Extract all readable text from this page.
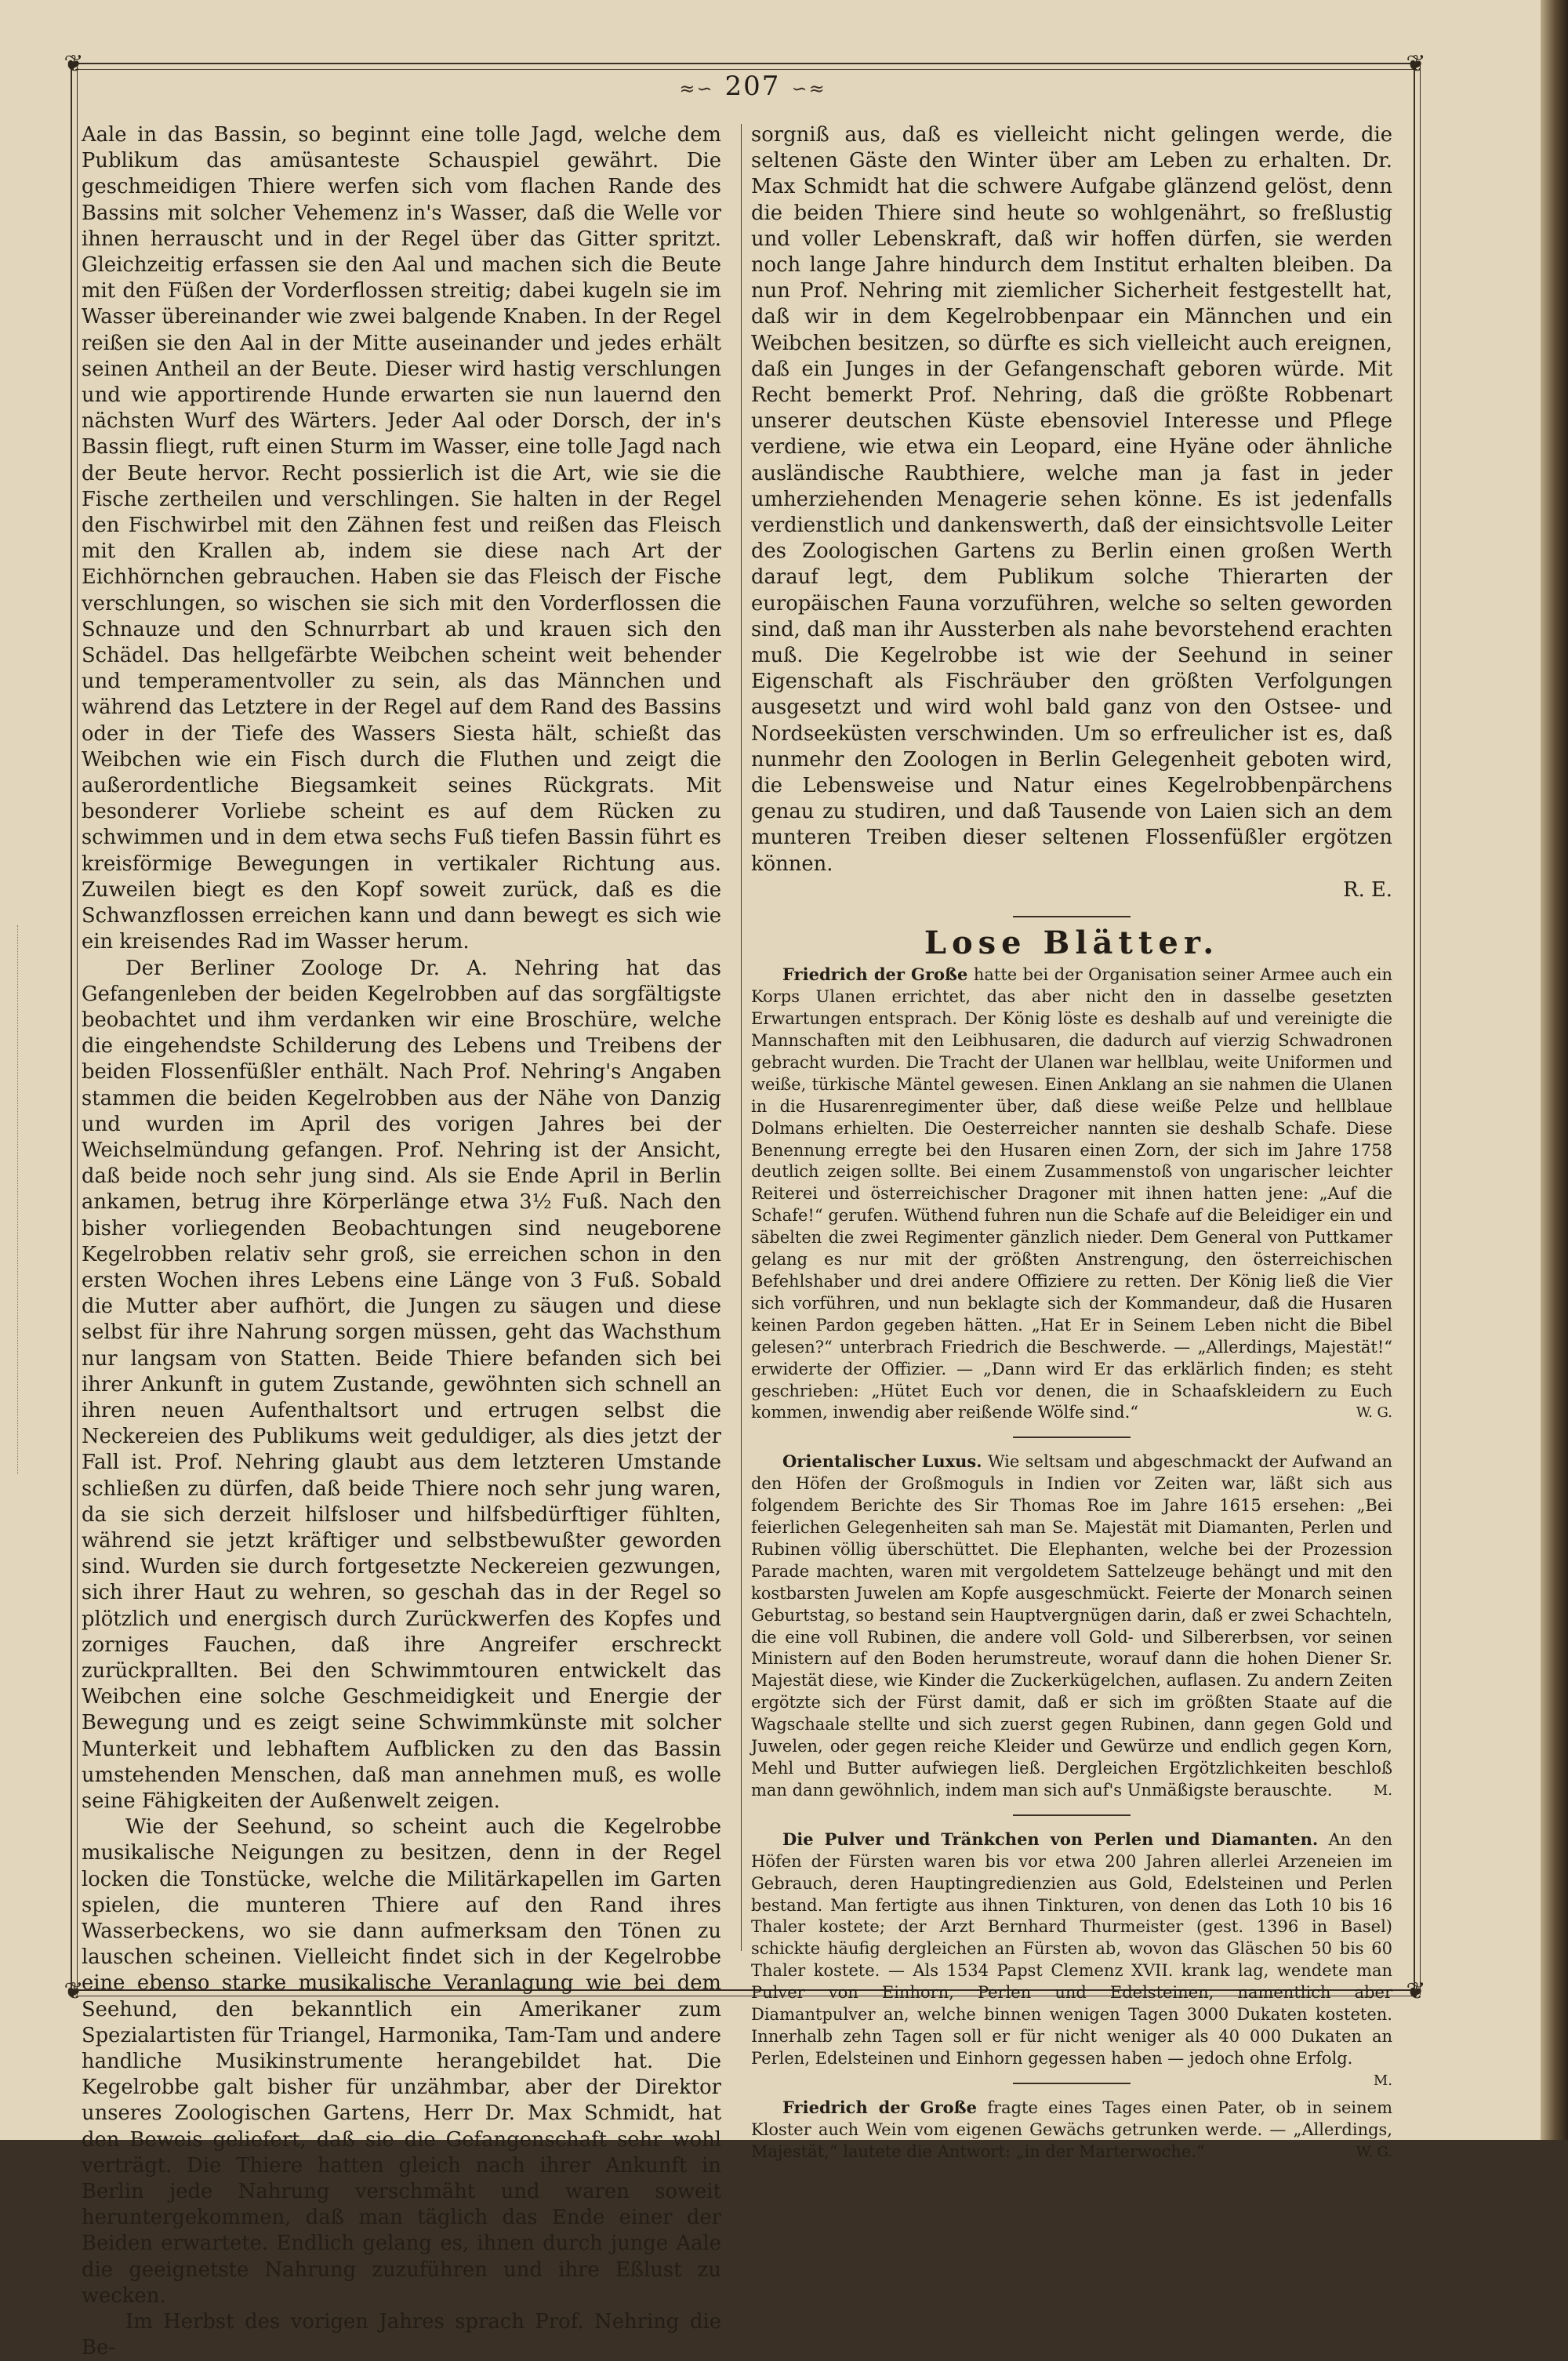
❦	❦
❦	❦
≈∽ 207 ∽≈

Aale in das Bassin, so beginnt eine tolle Jagd, welche dem Publikum das amüsanteste Schauspiel gewährt. Die geschmeidigen Thiere werfen sich vom flachen Rande des Bassins mit solcher Vehemenz in's Wasser, daß die Welle vor ihnen herrauscht und in der Regel über das Gitter spritzt. Gleichzeitig erfassen sie den Aal und machen sich die Beute mit den Füßen der Vorderflossen streitig; dabei kugeln sie im Wasser übereinander wie zwei balgende Knaben. In der Regel reißen sie den Aal in der Mitte auseinander und jedes erhält seinen Antheil an der Beute. Dieser wird hastig verschlungen und wie apportirende Hunde erwarten sie nun lauernd den nächsten Wurf des Wärters. Jeder Aal oder Dorsch, der in's Bassin fliegt, ruft einen Sturm im Wasser, eine tolle Jagd nach der Beute hervor. Recht possierlich ist die Art, wie sie die Fische zertheilen und verschlingen. Sie halten in der Regel den Fischwirbel mit den Zähnen fest und reißen das Fleisch mit den Krallen ab, indem sie diese nach Art der Eichhörnchen gebrauchen. Haben sie das Fleisch der Fische verschlungen, so wischen sie sich mit den Vorderflossen die Schnauze und den Schnurrbart ab und krauen sich den Schädel. Das hellgefärbte Weibchen scheint weit behender und temperamentvoller zu sein, als das Männchen und während das Letztere in der Regel auf dem Rand des Bassins oder in der Tiefe des Wassers Siesta hält, schießt das Weibchen wie ein Fisch durch die Fluthen und zeigt die außerordentliche Biegsamkeit seines Rückgrats. Mit besonderer Vorliebe scheint es auf dem Rücken zu schwimmen und in dem etwa sechs Fuß tiefen Bassin führt es kreisförmige Bewegungen in vertikaler Richtung aus. Zuweilen biegt es den Kopf soweit zurück, daß es die Schwanzflossen erreichen kann und dann bewegt es sich wie ein kreisendes Rad im Wasser herum.

Der Berliner Zoologe Dr. A. Nehring hat das Gefangenleben der beiden Kegelrobben auf das sorgfältigste beobachtet und ihm verdanken wir eine Broschüre, welche die eingehendste Schilderung des Lebens und Treibens der beiden Flossenfüßler enthält. Nach Prof. Nehring's Angaben stammen die beiden Kegelrobben aus der Nähe von Danzig und wurden im April des vorigen Jahres bei der Weichselmündung gefangen. Prof. Nehring ist der Ansicht, daß beide noch sehr jung sind. Als sie Ende April in Berlin ankamen, betrug ihre Körperlänge etwa 3½ Fuß. Nach den bisher vorliegenden Beobachtungen sind neugeborene Kegelrobben relativ sehr groß, sie erreichen schon in den ersten Wochen ihres Lebens eine Länge von 3 Fuß. Sobald die Mutter aber aufhört, die Jungen zu säugen und diese selbst für ihre Nahrung sorgen müssen, geht das Wachsthum nur langsam von Statten. Beide Thiere befanden sich bei ihrer Ankunft in gutem Zustande, gewöhnten sich schnell an ihren neuen Aufenthaltsort und ertrugen selbst die Neckereien des Publikums weit geduldiger, als dies jetzt der Fall ist. Prof. Nehring glaubt aus dem letzteren Umstande schließen zu dürfen, daß beide Thiere noch sehr jung waren, da sie sich derzeit hilfsloser und hilfsbedürftiger fühlten, während sie jetzt kräftiger und selbstbewußter geworden sind. Wurden sie durch fortgesetzte Neckereien gezwungen, sich ihrer Haut zu wehren, so geschah das in der Regel so plötzlich und energisch durch Zurückwerfen des Kopfes und zorniges Fauchen, daß ihre Angreifer erschreckt zurückprallten. Bei den Schwimmtouren entwickelt das Weibchen eine solche Geschmeidigkeit und Energie der Bewegung und es zeigt seine Schwimmkünste mit solcher Munterkeit und lebhaftem Aufblicken zu den das Bassin umstehenden Menschen, daß man annehmen muß, es wolle seine Fähigkeiten der Außenwelt zeigen.

Wie der Seehund, so scheint auch die Kegelrobbe musikalische Neigungen zu besitzen, denn in der Regel locken die Tonstücke, welche die Militärkapellen im Garten spielen, die munteren Thiere auf den Rand ihres Wasserbeckens, wo sie dann aufmerksam den Tönen zu lauschen scheinen. Vielleicht findet sich in der Kegelrobbe eine ebenso starke musikalische Veranlagung wie bei dem Seehund, den bekanntlich ein Amerikaner zum Spezialartisten für Triangel, Harmonika, Tam-Tam und andere handliche Musikinstrumente herangebildet hat. Die Kegelrobbe galt bisher für unzähmbar, aber der Direktor unseres Zoologischen Gartens, Herr Dr. Max Schmidt, hat den Beweis geliefert, daß sie die Gefangenschaft sehr wohl verträgt. Die Thiere hatten gleich nach ihrer Ankunft in Berlin jede Nahrung verschmäht und waren soweit heruntergekommen, daß man täglich das Ende einer der Beiden erwartete. Endlich gelang es, ihnen durch junge Aale die geeignetste Nahrung zuzuführen und ihre Eßlust zu wecken.

Im Herbst des vorigen Jahres sprach Prof. Nehring die Be-

sorgniß aus, daß es vielleicht nicht gelingen werde, die seltenen Gäste den Winter über am Leben zu erhalten. Dr. Max Schmidt hat die schwere Aufgabe glänzend gelöst, denn die beiden Thiere sind heute so wohlgenährt, so freßlustig und voller Lebenskraft, daß wir hoffen dürfen, sie werden noch lange Jahre hindurch dem Institut erhalten bleiben. Da nun Prof. Nehring mit ziemlicher Sicherheit festgestellt hat, daß wir in dem Kegelrobbenpaar ein Männchen und ein Weibchen besitzen, so dürfte es sich vielleicht auch ereignen, daß ein Junges in der Gefangenschaft geboren würde. Mit Recht bemerkt Prof. Nehring, daß die größte Robbenart unserer deutschen Küste ebensoviel Interesse und Pflege verdiene, wie etwa ein Leopard, eine Hyäne oder ähnliche ausländische Raubthiere, welche man ja fast in jeder umherziehenden Menagerie sehen könne. Es ist jedenfalls verdienstlich und dankenswerth, daß der einsichtsvolle Leiter des Zoologischen Gartens zu Berlin einen großen Werth darauf legt, dem Publikum solche Thierarten der europäischen Fauna vorzuführen, welche so selten geworden sind, daß man ihr Aussterben als nahe bevorstehend erachten muß. Die Kegelrobbe ist wie der Seehund in seiner Eigenschaft als Fischräuber den größten Verfolgungen ausgesetzt und wird wohl bald ganz von den Ostsee- und Nordseeküsten verschwinden. Um so erfreulicher ist es, daß nunmehr den Zoologen in Berlin Gelegenheit geboten wird, die Lebensweise und Natur eines Kegelrobbenpärchens genau zu studiren, und daß Tausende von Laien sich an dem munteren Treiben dieser seltenen Flossenfüßler ergötzen können.

R. E.

Lose Blätter.

Friedrich der Große hatte bei der Organisation seiner Armee auch ein Korps Ulanen errichtet, das aber nicht den in dasselbe gesetzten Erwartungen entsprach. Der König löste es deshalb auf und vereinigte die Mannschaften mit den Leibhusaren, die dadurch auf vierzig Schwadronen gebracht wurden. Die Tracht der Ulanen war hellblau, weite Uniformen und weiße, türkische Mäntel gewesen. Einen Anklang an sie nahmen die Ulanen in die Husarenregimenter über, daß diese weiße Pelze und hellblaue Dolmans erhielten. Die Oesterreicher nannten sie deshalb Schafe. Diese Benennung erregte bei den Husaren einen Zorn, der sich im Jahre 1758 deutlich zeigen sollte. Bei einem Zusammenstoß von ungarischer leichter Reiterei und österreichischer Dragoner mit ihnen hatten jene: „Auf die Schafe!“ gerufen. Wüthend fuhren nun die Schafe auf die Beleidiger ein und säbelten die zwei Regimenter gänzlich nieder. Dem General von Puttkamer gelang es nur mit der größten Anstrengung, den österreichischen Befehlshaber und drei andere Offiziere zu retten. Der König ließ die Vier sich vorführen, und nun beklagte sich der Kommandeur, daß die Husaren keinen Pardon gegeben hätten. „Hat Er in Seinem Leben nicht die Bibel gelesen?“ unterbrach Friedrich die Beschwerde. — „Allerdings, Majestät!“ erwiderte der Offizier. — „Dann wird Er das erklärlich finden; es steht geschrieben: „Hütet Euch vor denen, die in Schaafskleidern zu Euch kommen, inwendig aber reißende Wölfe sind.“	W. G.

Orientalischer Luxus. Wie seltsam und abgeschmackt der Aufwand an den Höfen der Großmoguls in Indien vor Zeiten war, läßt sich aus folgendem Berichte des Sir Thomas Roe im Jahre 1615 ersehen: „Bei feierlichen Gelegenheiten sah man Se. Majestät mit Diamanten, Perlen und Rubinen völlig überschüttet. Die Elephanten, welche bei der Prozession Parade machten, waren mit vergoldetem Sattelzeuge behängt und mit den kostbarsten Juwelen am Kopfe ausgeschmückt. Feierte der Monarch seinen Geburtstag, so bestand sein Hauptvergnügen darin, daß er zwei Schachteln, die eine voll Rubinen, die andere voll Gold- und Silbererbsen, vor seinen Ministern auf den Boden herumstreute, worauf dann die hohen Diener Sr. Majestät diese, wie Kinder die Zuckerkügelchen, auflasen. Zu andern Zeiten ergötzte sich der Fürst damit, daß er sich im größten Staate auf die Wagschaale stellte und sich zuerst gegen Rubinen, dann gegen Gold und Juwelen, oder gegen reiche Kleider und Gewürze und endlich gegen Korn, Mehl und Butter aufwiegen ließ. Dergleichen Ergötzlichkeiten beschloß man dann gewöhnlich, indem man sich auf's Unmäßigste berauschte.	M.

Die Pulver und Tränkchen von Perlen und Diamanten. An den Höfen der Fürsten waren bis vor etwa 200 Jahren allerlei Arzeneien im Gebrauch, deren Hauptingredienzien aus Gold, Edelsteinen und Perlen bestand. Man fertigte aus ihnen Tinkturen, von denen das Loth 10 bis 16 Thaler kostete; der Arzt Bernhard Thurmeister (gest. 1396 in Basel) schickte häufig dergleichen an Fürsten ab, wovon das Gläschen 50 bis 60 Thaler kostete. — Als 1534 Papst Clemenz XVII. krank lag, wendete man Pulver von Einhorn, Perlen und Edelsteinen, namentlich aber Diamantpulver an, welche binnen wenigen Tagen 3000 Dukaten kosteten. Innerhalb zehn Tagen soll er für nicht weniger als 40 000 Dukaten an Perlen, Edelsteinen und Einhorn gegessen haben — jedoch ohne Erfolg.
M.

Friedrich der Große fragte eines Tages einen Pater, ob in seinem Kloster auch Wein vom eigenen Gewächs getrunken werde. — „Allerdings, Majestät,“ lautete die Antwort: „in der Marterwoche.“	W. G.
